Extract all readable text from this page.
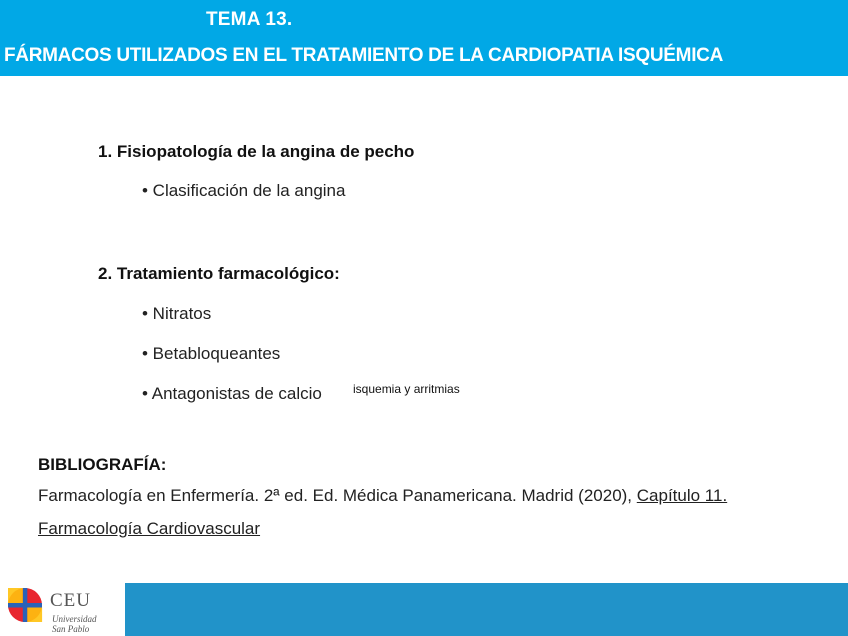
TEMA 13.
FÁRMACOS UTILIZADOS EN EL TRATAMIENTO DE LA CARDIOPATIA ISQUÉMICA
1. Fisiopatología de la angina de pecho
• Clasificación de la angina
2. Tratamiento farmacológico:
• Nitratos
• Betabloqueantes
• Antagonistas de calcio	isquemia y arritmias
BIBLIOGRAFÍA:
Farmacología en Enfermería. 2ª ed. Ed. Médica Panamericana. Madrid (2020), Capítulo 11.
Farmacología Cardiovascular
CEU
Universidad
San Pablo
